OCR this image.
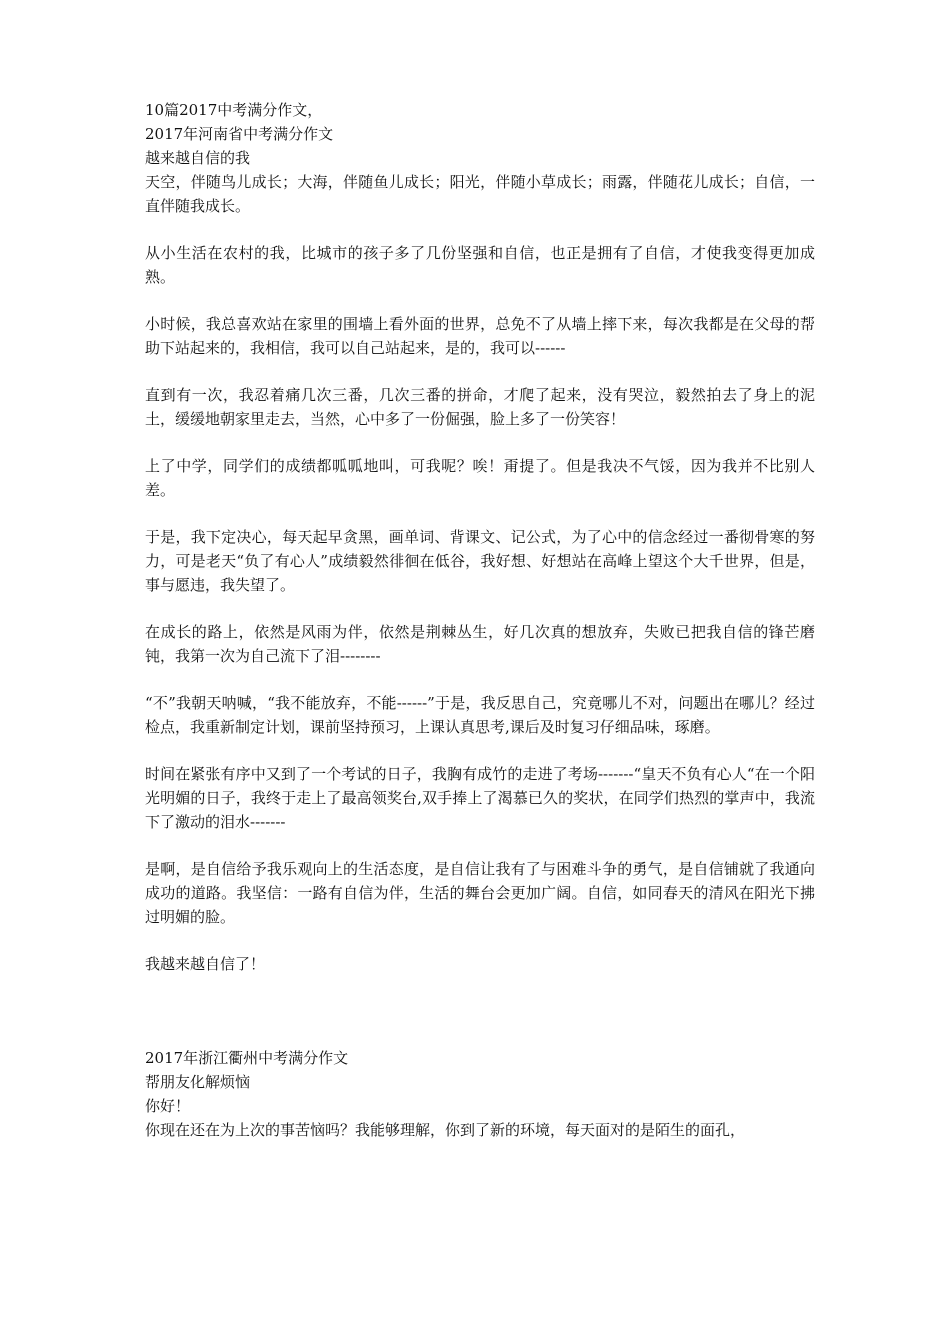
10篇2017中考满分作文，

2017年河南省中考满分作文

越来越自信的我

天空，伴随鸟儿成长；大海，伴随鱼儿成长；阳光，伴随小草成长；雨露，伴随花儿成长；自信，一直伴随我成长。

从小生活在农村的我，比城市的孩子多了几份坚强和自信，也正是拥有了自信，才使我变得更加成熟。

小时候，我总喜欢站在家里的围墙上看外面的世界，总免不了从墙上摔下来，每次我都是在父母的帮助下站起来的，我相信，我可以自己站起来，是的，我可以------

直到有一次，我忍着痛几次三番，几次三番的拼命，才爬了起来，没有哭泣，毅然拍去了身上的泥土，缓缓地朝家里走去，当然，心中多了一份倔强，脸上多了一份笑容！

上了中学，同学们的成绩都呱呱地叫，可我呢？唉！甭提了。但是我决不气馁，因为我并不比别人差。

于是，我下定决心，每天起早贪黑，画单词、背课文、记公式，为了心中的信念经过一番彻骨寒的努力，可是老天“负了有心人”成绩毅然徘徊在低谷，我好想、好想站在高峰上望这个大千世界，但是，事与愿违，我失望了。

在成长的路上，依然是风雨为伴，依然是荆棘丛生，好几次真的想放弃，失败已把我自信的锋芒磨钝，我第一次为自己流下了泪--------

“不”我朝天呐喊，“我不能放弃，不能------”于是，我反思自己，究竟哪儿不对，问题出在哪儿？经过检点，我重新制定计划，课前坚持预习，上课认真思考,课后及时复习仔细品味，琢磨。

时间在紧张有序中又到了一个考试的日子，我胸有成竹的走进了考场-------“皇天不负有心人“在一个阳光明媚的日子，我终于走上了最高领奖台,双手捧上了渴慕已久的奖状，在同学们热烈的掌声中，我流下了激动的泪水-------

是啊，是自信给予我乐观向上的生活态度，是自信让我有了与困难斗争的勇气，是自信铺就了我通向成功的道路。我坚信：一路有自信为伴，生活的舞台会更加广阔。自信，如同春天的清风在阳光下拂过明媚的脸。

我越来越自信了！

2017年浙江衢州中考满分作文

帮朋友化解烦恼

你好！

你现在还在为上次的事苦恼吗？我能够理解，你到了新的环境，每天面对的是陌生的面孔，
